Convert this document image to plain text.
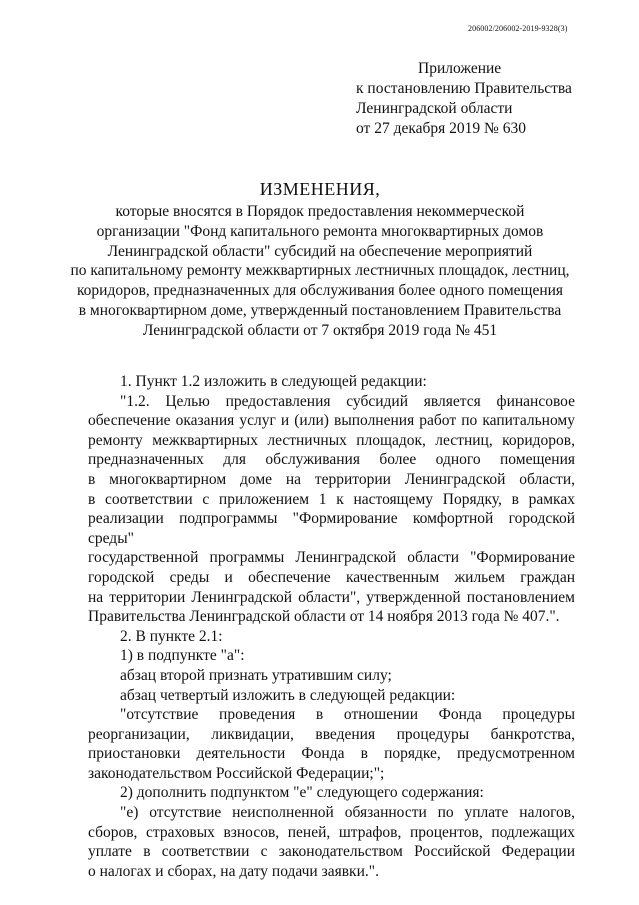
206002/206002-2019-9328(3)
Приложение
к постановлению Правительства
Ленинградской области
от 27 декабря 2019 № 630
ИЗМЕНЕНИЯ,
которые вносятся в Порядок предоставления некоммерческой
организации "Фонд капитального ремонта многоквартирных домов
Ленинградской области" субсидий на обеспечение мероприятий
по капитальному ремонту межквартирных лестничных площадок, лестниц,
коридоров, предназначенных для обслуживания более одного помещения
в многоквартирном доме, утвержденный постановлением Правительства
Ленинградской области от 7 октября 2019 года № 451
1. Пункт 1.2 изложить в следующей редакции:
"1.2. Целью предоставления субсидий является финансовое
обеспечение оказания услуг и (или) выполнения работ по капитальному
ремонту межквартирных лестничных площадок, лестниц, коридоров,
предназначенных для обслуживания более одного помещения
в многоквартирном доме на территории Ленинградской области,
в соответствии с приложением 1 к настоящему Порядку, в рамках
реализации подпрограммы "Формирование комфортной городской среды"
государственной программы Ленинградской области "Формирование
городской среды и обеспечение качественным жильем граждан
на территории Ленинградской области", утвержденной постановлением
Правительства Ленинградской области от 14 ноября 2013 года № 407.".
2. В пункте 2.1:
1) в подпункте "а":
абзац второй признать утратившим силу;
абзац четвертый изложить в следующей редакции:
"отсутствие проведения в отношении Фонда процедуры
реорганизации, ликвидации, введения процедуры банкротства,
приостановки деятельности Фонда в порядке, предусмотренном
законодательством Российской Федерации;";
2) дополнить подпунктом "е" следующего содержания:
"е) отсутствие неисполненной обязанности по уплате налогов,
сборов, страховых взносов, пеней, штрафов, процентов, подлежащих
уплате в соответствии с законодательством Российской Федерации
о налогах и сборах, на дату подачи заявки.".
